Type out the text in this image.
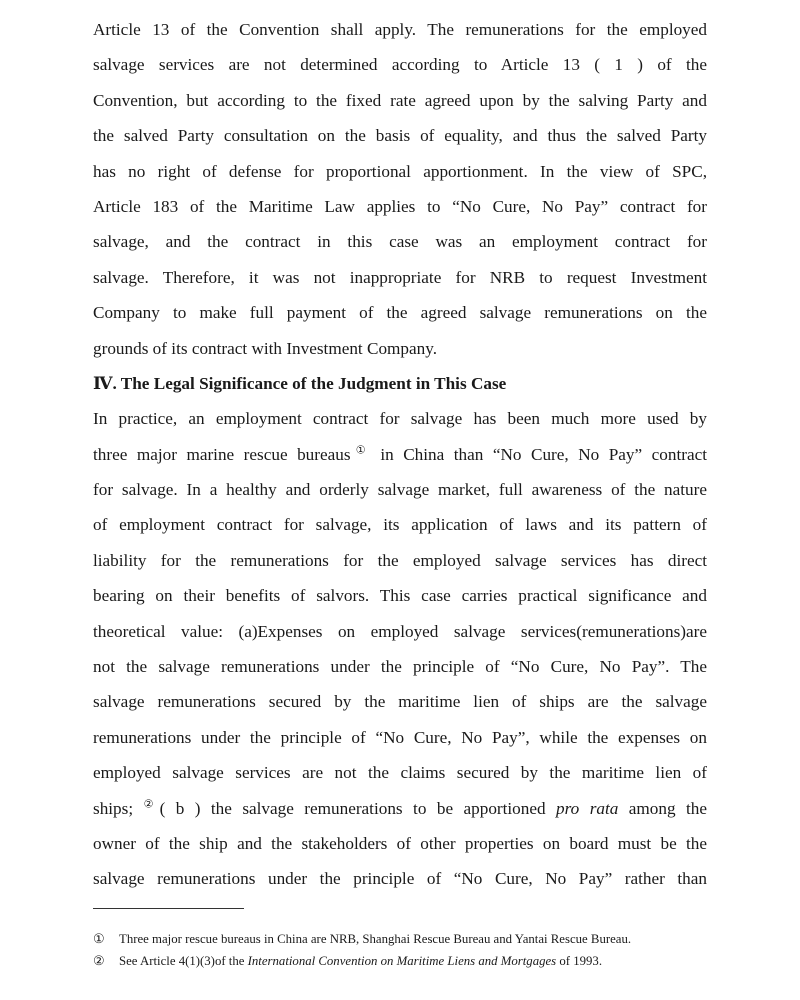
Article 13 of the Convention shall apply. The remunerations for the employed
salvage services are not determined according to Article 13 ( 1 ) of the
Convention, but according to the fixed rate agreed upon by the salving Party and
the salved Party consultation on the basis of equality, and thus the salved Party
has no right of defense for proportional apportionment. In the view of SPC,
Article 183 of the Maritime Law applies to “No Cure, No Pay” contract for
salvage, and the contract in this case was an employment contract for
salvage. Therefore, it was not inappropriate for NRB to request Investment
Company to make full payment of the agreed salvage remunerations on the
grounds of its contract with Investment Company.
Ⅳ. The Legal Significance of the Judgment in This Case
In practice, an employment contract for salvage has been much more used by
three major marine rescue bureaus① in China than “No Cure, No Pay” contract
for salvage. In a healthy and orderly salvage market, full awareness of the nature
of employment contract for salvage, its application of laws and its pattern of
liability for the remunerations for the employed salvage services has direct
bearing on their benefits of salvors. This case carries practical significance and
theoretical value: (a)Expenses on employed salvage services(remunerations)are
not the salvage remunerations under the principle of “No Cure, No Pay”. The
salvage remunerations secured by the maritime lien of ships are the salvage
remunerations under the principle of “No Cure, No Pay”, while the expenses on
employed salvage services are not the claims secured by the maritime lien of
ships; ②( b ) the salvage remunerations to be apportioned pro rata among the
owner of the ship and the stakeholders of other properties on board must be the
salvage remunerations under the principle of “No Cure, No Pay” rather than
① Three major rescue bureaus in China are NRB, Shanghai Rescue Bureau and Yantai Rescue Bureau.
② See Article 4(1)(3)of the International Convention on Maritime Liens and Mortgages of 1993.
